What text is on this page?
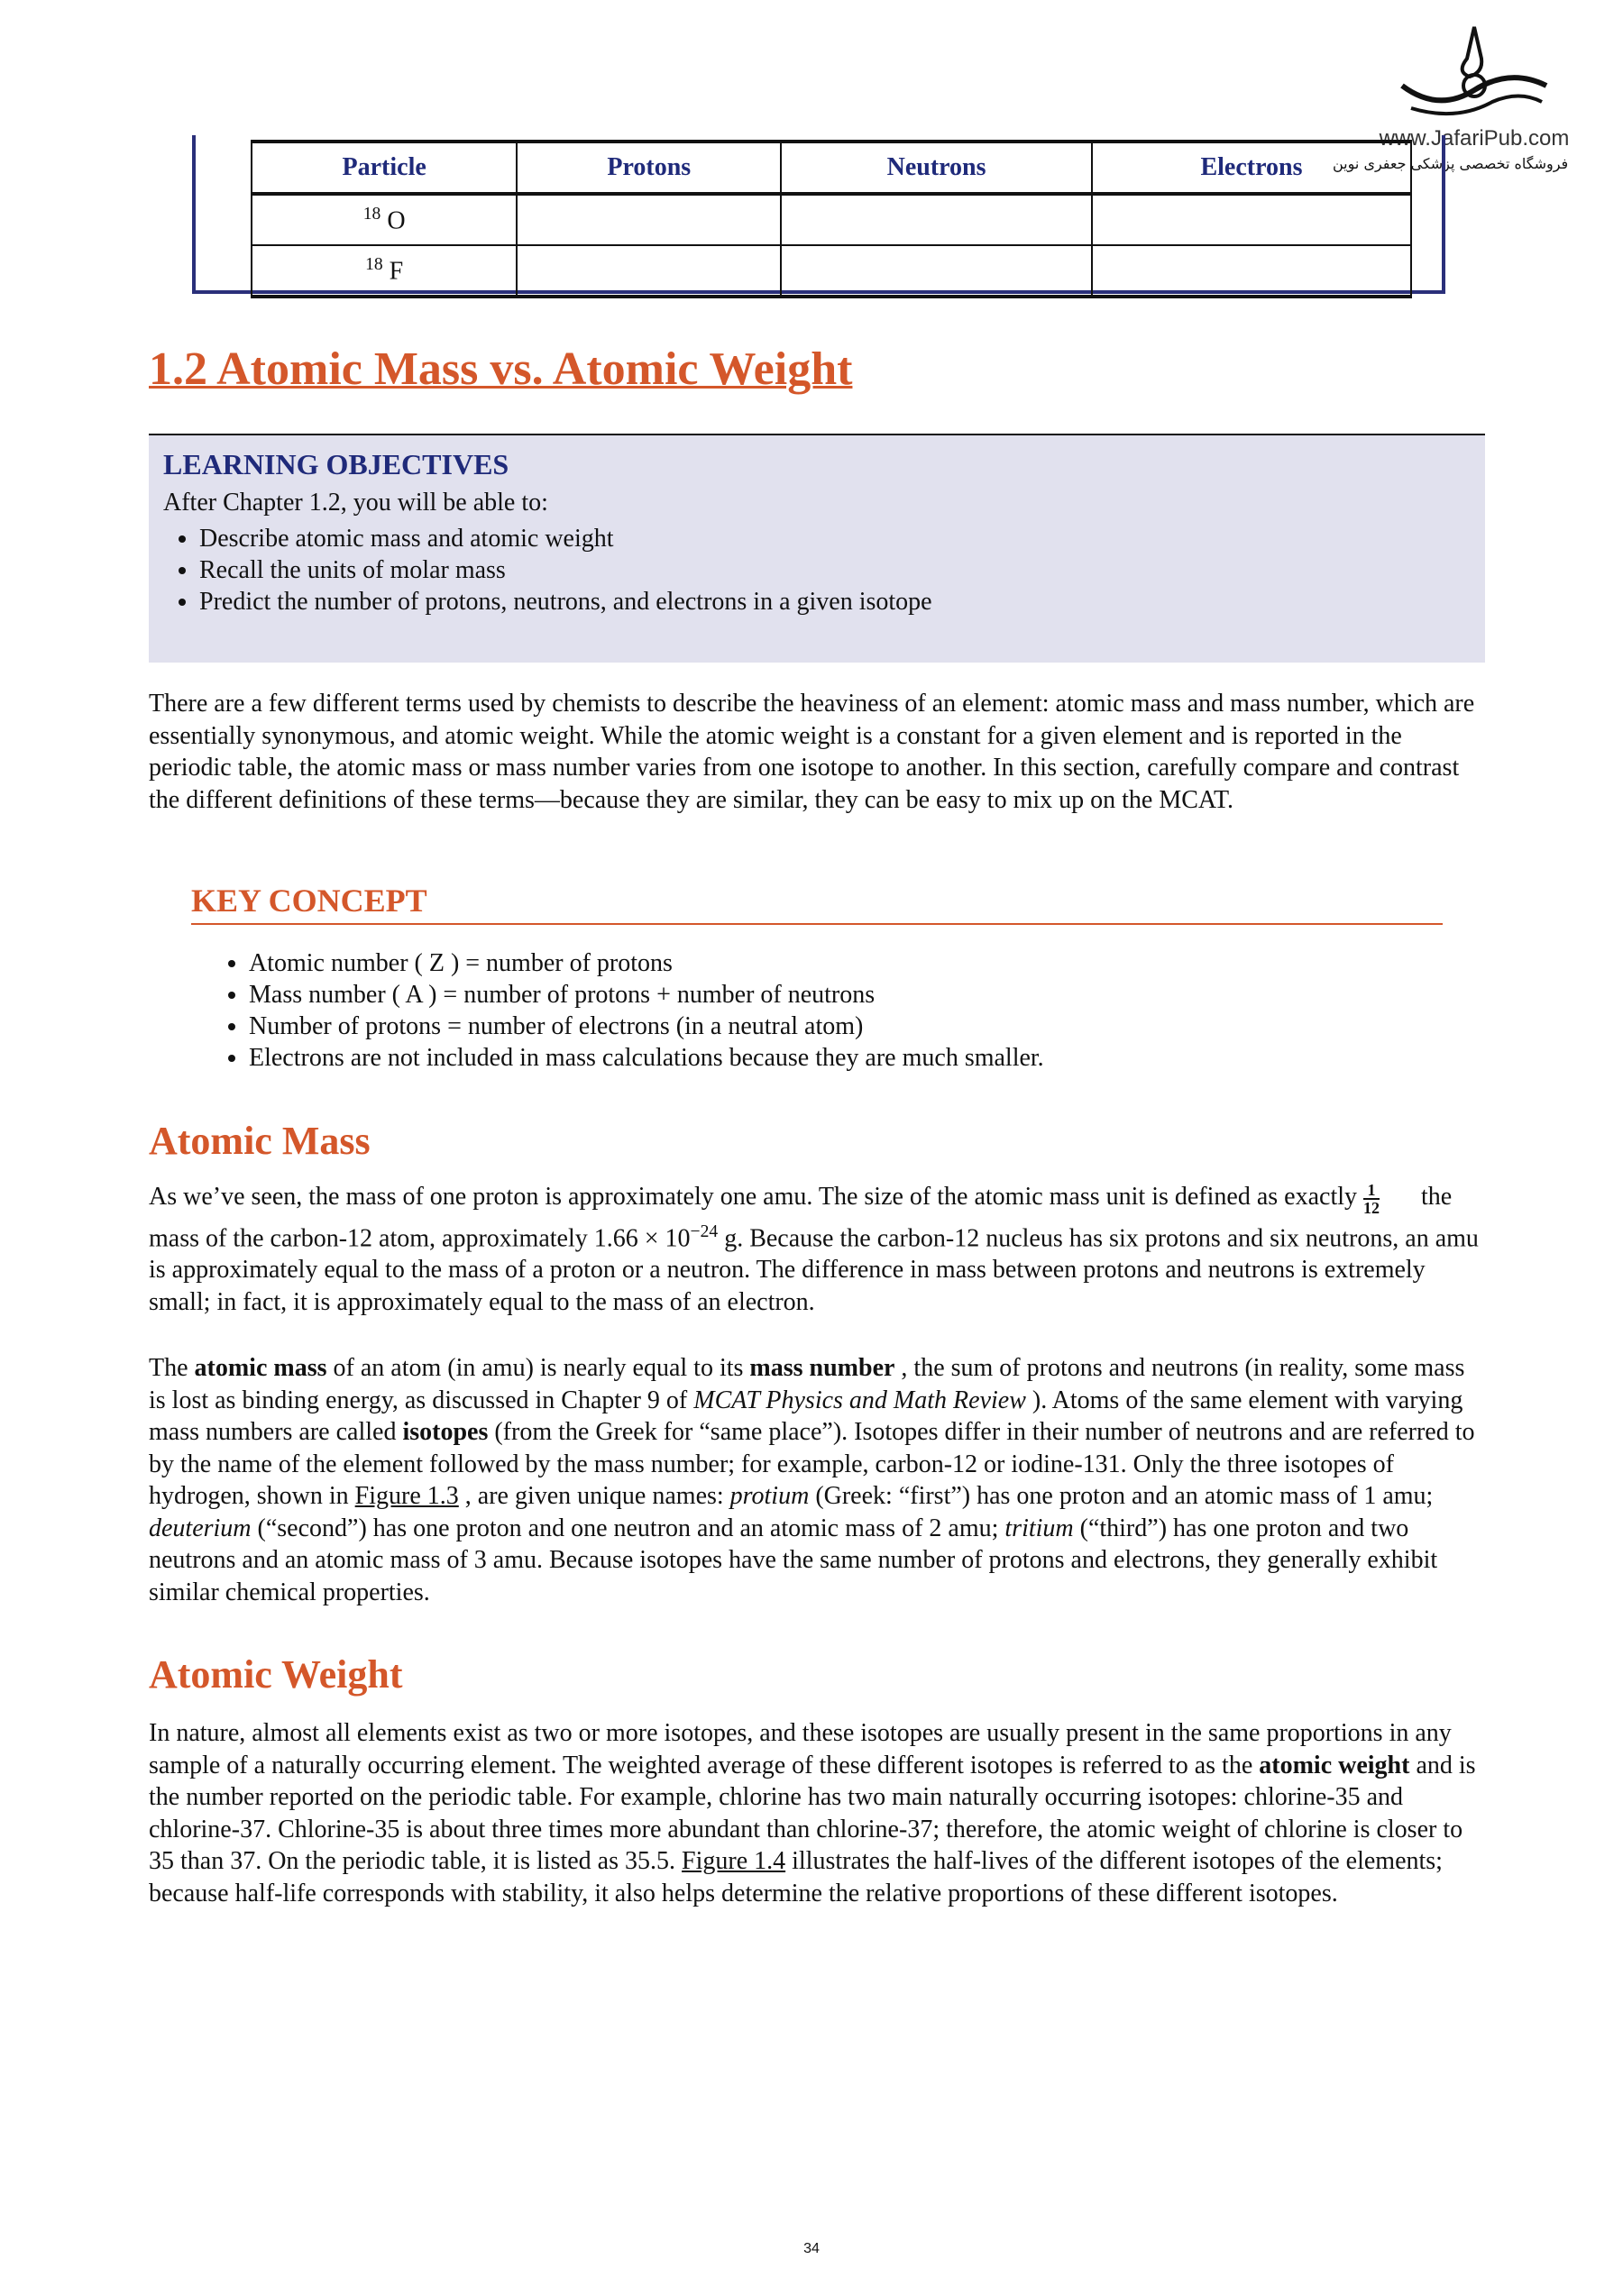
www.JafariPub.com
فروشگاه تخصصی پزشکی جعفری نوین
Particle	Protons	Neutrons	Electrons
$^{18}$ O			
$^{18}$ F			
1.2 Atomic Mass vs. Atomic Weight
LEARNING OBJECTIVES

After Chapter 1.2, you will be able to:

• Describe atomic mass and atomic weight
• Recall the units of molar mass
• Predict the number of protons, neutrons, and electrons in a given isotope
There are a few different terms used by chemists to describe the heaviness of an element: atomic mass and mass number, which are essentially synonymous, and atomic weight. While the atomic weight is a constant for a given element and is reported in the periodic table, the atomic mass or mass number varies from one isotope to another. In this section, carefully compare and contrast the different definitions of these terms—because they are similar, they can be easy to mix up on the MCAT.
KEY CONCEPT
• Atomic number ( Z ) = number of protons
• Mass number ( A ) = number of protons + number of neutrons
• Number of protons = number of electrons (in a neutral atom)
• Electrons are not included in mass calculations because they are much smaller.
Atomic Mass

As we’ve seen, the mass of one proton is approximately one amu. The size of the atomic mass unit is defined as exactly $\frac{1}{12}$ the mass of the carbon-12 atom, approximately $1.66 \times 10^{-24}$ g. Because the carbon-12 nucleus has six protons and six neutrons, an amu is approximately equal to the mass of a proton or a neutron. The difference in mass between protons and neutrons is extremely small; in fact, it is approximately equal to the mass of an electron.

The atomic mass of an atom (in amu) is nearly equal to its mass number , the sum of protons and neutrons (in reality, some mass is lost as binding energy, as discussed in Chapter 9 of MCAT Physics and Math Review ). Atoms of the same element with varying mass numbers are called isotopes (from the Greek for “same place”). Isotopes differ in their number of neutrons and are referred to by the name of the element followed by the mass number; for example, carbon-12 or iodine-131. Only the three isotopes of hydrogen, shown in Figure 1.3 , are given unique names: protium (Greek: “first”) has one proton and an atomic mass of 1 amu; deuterium (“second”) has one proton and one neutron and an atomic mass of 2 amu; tritium (“third”) has one proton and two neutrons and an atomic mass of 3 amu. Because isotopes have the same number of protons and electrons, they generally exhibit similar chemical properties.
Atomic Weight
In nature, almost all elements exist as two or more isotopes, and these isotopes are usually present in the same proportions in any sample of a naturally occurring element. The weighted average of these different isotopes is referred to as the atomic weight and is the number reported on the periodic table. For example, chlorine has two main naturally occurring isotopes: chlorine-35 and chlorine-37. Chlorine-35 is about three times more abundant than chlorine-37; therefore, the atomic weight of chlorine is closer to 35 than 37. On the periodic table, it is listed as 35.5. Figure 1.4 illustrates the half-lives of the different isotopes of the elements; because half-life corresponds with stability, it also helps determine the relative proportions of these different isotopes.
34
